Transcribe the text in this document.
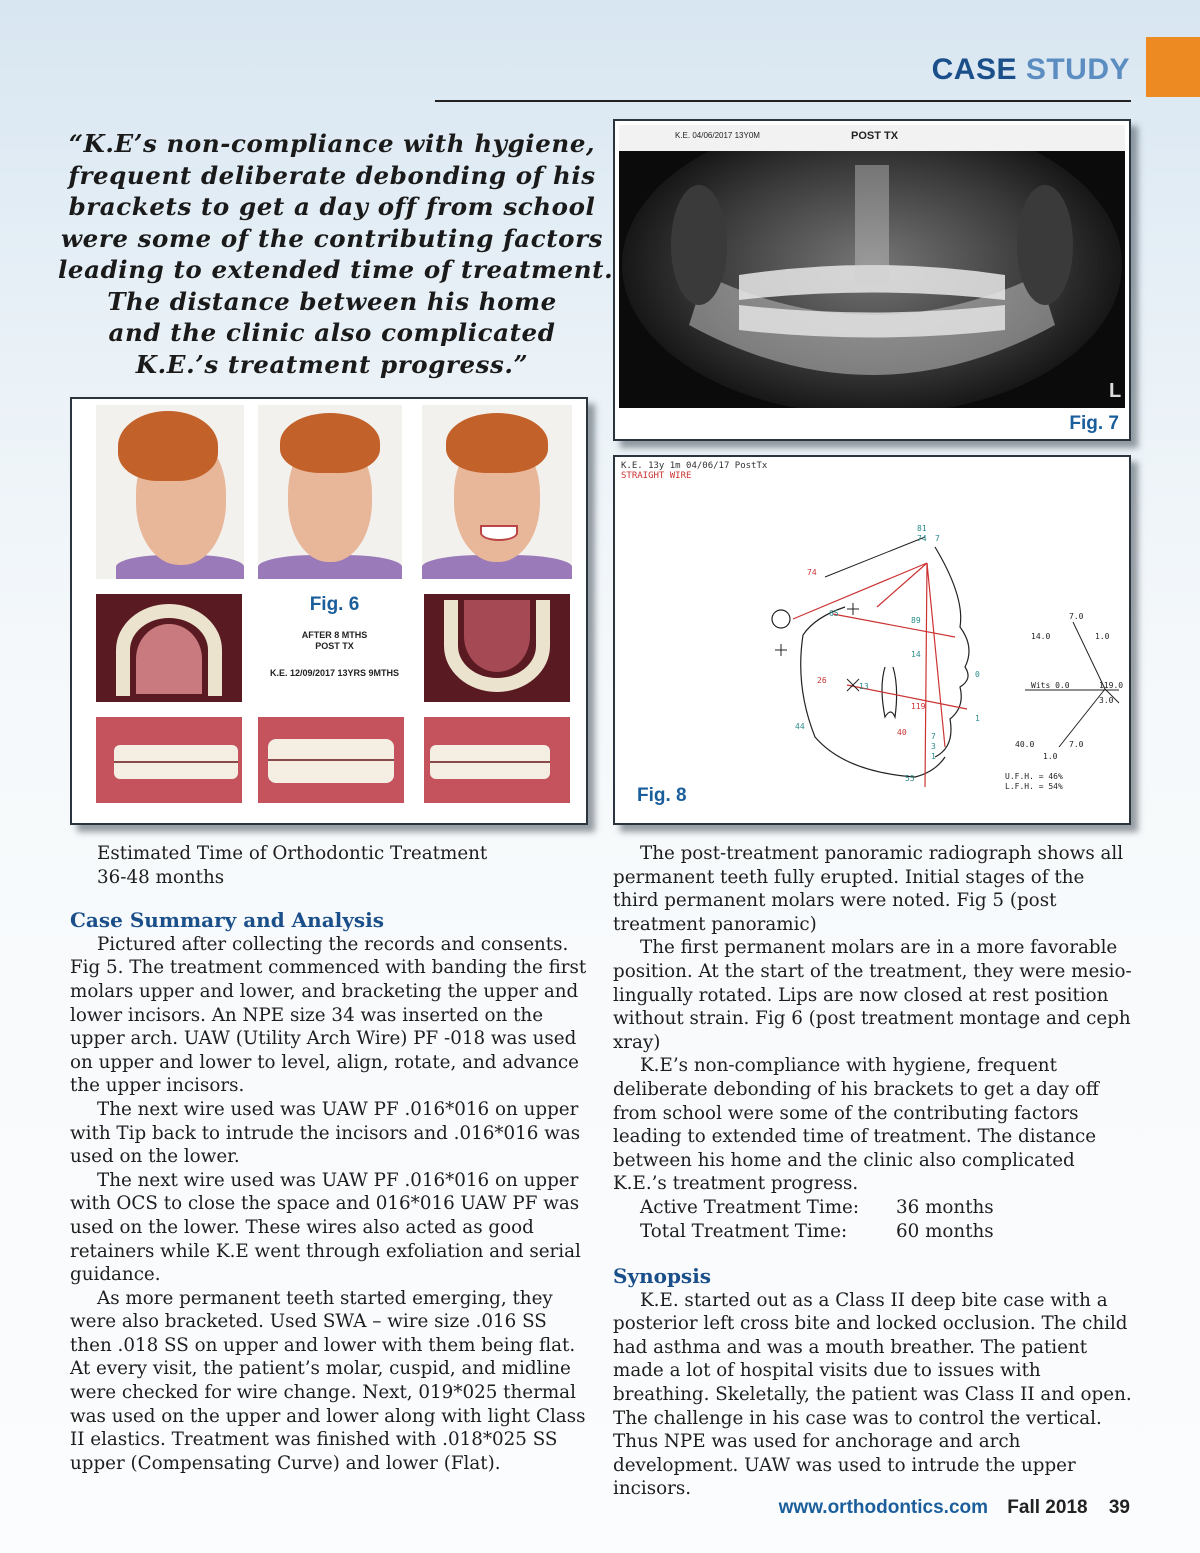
CASE STUDY
“K.E’s non-compliance with hygiene,
frequent deliberate debonding of his
brackets to get a day off from school
were some of the contributing factors
leading to extended time of treatment.
The distance between his home
and the clinic also complicated
K.E.’s treatment progress.”
Fig. 6
AFTER 8 MTHS
POST TX
K.E. 12/09/2017 13YRS 9MTHS
L
K.E. 04/06/2017 13Y0M	POST TX
Fig. 7
K.E. 13y 1m 04/06/17 PostTx
STRAIGHT WIRE
81
74 7
65
89
14
13
0
1
44
7
3
1
55
74
26
119
40
7.0
14.0	1.0
Wits 0.0	119.0
3.0
40.0	7.0
1.0
U.F.H. = 46%
L.F.H. = 54%
Fig. 8

Estimated Time of Orthodontic Treatment

36-48 months

Case Summary and Analysis

Pictured after collecting the records and consents. Fig 5. The treatment commenced with banding the first molars upper and lower, and bracketing the upper and lower incisors. An NPE size 34 was inserted on the upper arch. UAW (Utility Arch Wire) PF -018 was used on upper and lower to level, align, rotate, and advance the upper incisors.

The next wire used was UAW PF .016*016 on upper with Tip back to intrude the incisors and .016*016 was used on the lower.

The next wire used was UAW PF .016*016 on upper with OCS to close the space and 016*016 UAW PF was used on the lower. These wires also acted as good retainers while K.E went through exfoliation and serial guidance.

As more permanent teeth started emerging, they were also bracketed. Used SWA – wire size .016 SS then .018 SS on upper and lower with them being flat. At every visit, the patient’s molar, cuspid, and midline were checked for wire change. Next, 019*025 thermal was used on the upper and lower along with light Class II elastics. Treatment was finished with .018*025 SS upper (Compensating Curve) and lower (Flat).

The post-treatment panoramic radiograph shows all permanent teeth fully erupted. Initial stages of the third permanent molars were noted. Fig 5 (post treatment panoramic)

The first permanent molars are in a more favorable position. At the start of the treatment, they were mesio-lingually rotated. Lips are now closed at rest position without strain. Fig 6 (post treatment montage and ceph xray)

K.E’s non-compliance with hygiene, frequent deliberate debonding of his brackets to get a day off from school were some of the contributing factors leading to extended time of treatment. The distance between his home and the clinic also complicated K.E.’s treatment progress.

Active Treatment Time:	36 months
Total Treatment Time:	60 months

Synopsis

K.E. started out as a Class II deep bite case with a posterior left cross bite and locked occlusion. The child had asthma and was a mouth breather. The patient made a lot of hospital visits due to issues with breathing. Skeletally, the patient was Class II and open. The challenge in his case was to control the vertical. Thus NPE was used for anchorage and arch development. UAW was used to intrude the upper incisors.

www.orthodontics.com Fall 2018 39
